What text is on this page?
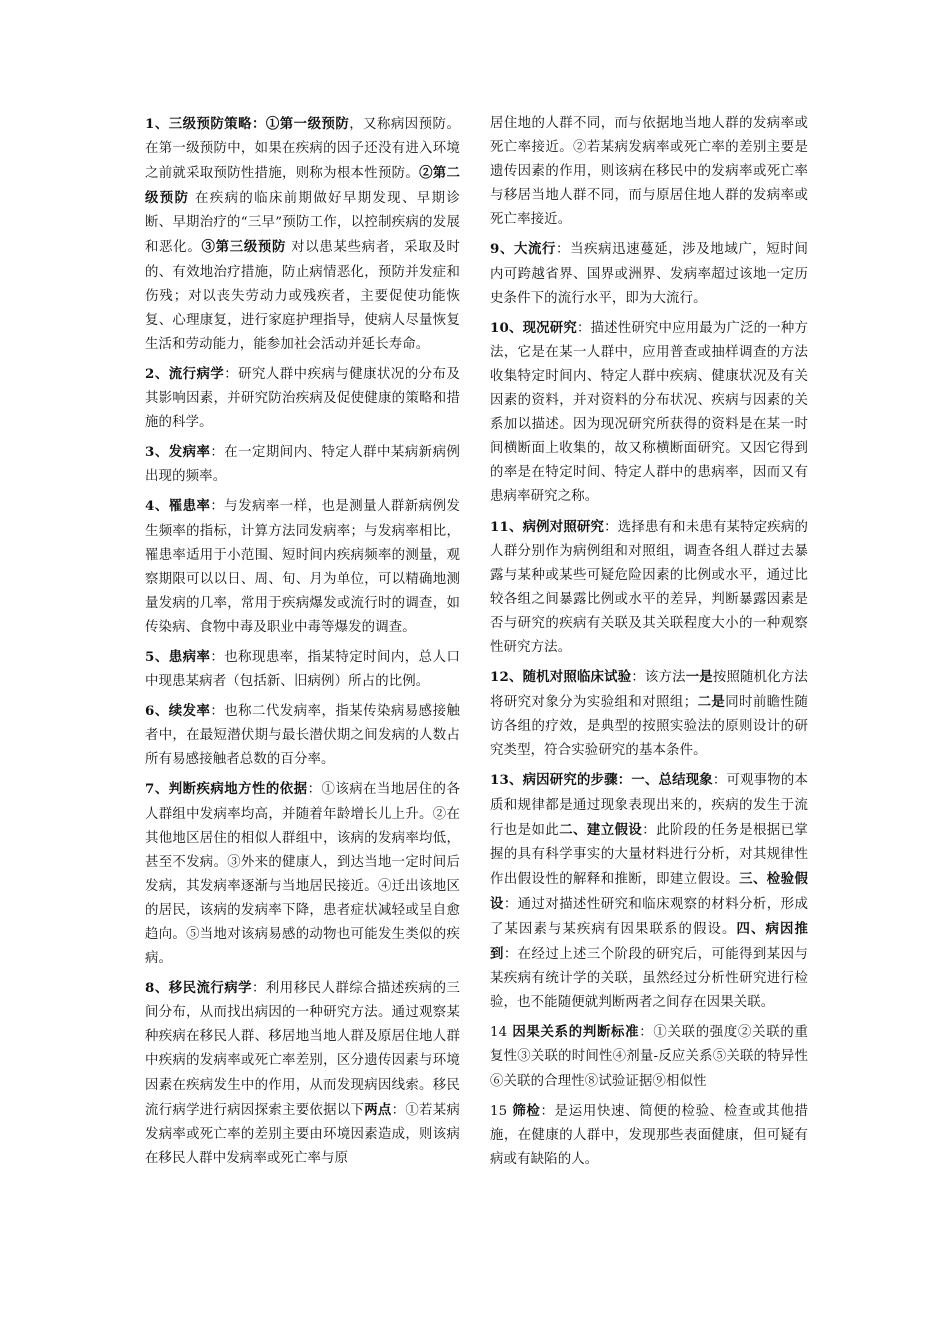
1、三级预防策略：①第一级预防，又称病因预防。在第一级预防中，如果在疾病的因子还没有进入环境之前就采取预防性措施，则称为根本性预防。②第二级预防 在疾病的临床前期做好早期发现、早期诊断、早期治疗的“三早”预防工作，以控制疾病的发展和恶化。③第三级预防 对以患某些病者，采取及时的、有效地治疗措施，防止病情恶化，预防并发症和伤残；对以丧失劳动力或残疾者，主要促使功能恢复、心理康复，进行家庭护理指导，使病人尽量恢复生活和劳动能力，能参加社会活动并延长寿命。
2、流行病学：研究人群中疾病与健康状况的分布及其影响因素，并研究防治疾病及促使健康的策略和措施的科学。
3、发病率：在一定期间内、特定人群中某病新病例出现的频率。
4、罹患率：与发病率一样，也是测量人群新病例发生频率的指标，计算方法同发病率；与发病率相比，罹患率适用于小范围、短时间内疾病频率的测量，观察期限可以以日、周、旬、月为单位，可以精确地测量发病的几率，常用于疾病爆发或流行时的调查，如传染病、食物中毒及职业中毒等爆发的调查。
5、患病率：也称现患率，指某特定时间内，总人口中现患某病者（包括新、旧病例）所占的比例。
6、续发率：也称二代发病率，指某传染病易感接触者中，在最短潜伏期与最长潜伏期之间发病的人数占所有易感接触者总数的百分率。
7、判断疾病地方性的依据：①该病在当地居住的各人群组中发病率均高，并随着年龄增长儿上升。②在其他地区居住的相似人群组中，该病的发病率均低，甚至不发病。③外来的健康人，到达当地一定时间后发病，其发病率逐渐与当地居民接近。④迁出该地区的居民，该病的发病率下降，患者症状减轻或呈自愈趋向。⑤当地对该病易感的动物也可能发生类似的疾病。
8、移民流行病学：利用移民人群综合描述疾病的三间分布，从而找出病因的一种研究方法。通过观察某种疾病在移民人群、移居地当地人群及原居住地人群中疾病的发病率或死亡率差别，区分遗传因素与环境因素在疾病发生中的作用，从而发现病因线索。移民流行病学进行病因探索主要依据以下两点：①若某病发病率或死亡率的差别主要由环境因素造成，则该病在移民人群中发病率或死亡率与原
居住地的人群不同，而与依据地当地人群的发病率或死亡率接近。②若某病发病率或死亡率的差别主要是遗传因素的作用，则该病在移民中的发病率或死亡率与移居当地人群不同，而与原居住地人群的发病率或死亡率接近。
9、大流行：当疾病迅速蔓延，涉及地域广，短时间内可跨越省界、国界或洲界、发病率超过该地一定历史条件下的流行水平，即为大流行。
10、现况研究：描述性研究中应用最为广泛的一种方法，它是在某一人群中，应用普查或抽样调查的方法收集特定时间内、特定人群中疾病、健康状况及有关因素的资料，并对资料的分布状况、疾病与因素的关系加以描述。因为现况研究所获得的资料是在某一时间横断面上收集的，故又称横断面研究。又因它得到的率是在特定时间、特定人群中的患病率，因而又有患病率研究之称。
11、病例对照研究：选择患有和未患有某特定疾病的人群分别作为病例组和对照组，调查各组人群过去暴露与某种或某些可疑危险因素的比例或水平，通过比较各组之间暴露比例或水平的差异，判断暴露因素是否与研究的疾病有关联及其关联程度大小的一种观察性研究方法。
12、随机对照临床试验：该方法一是按照随机化方法将研究对象分为实验组和对照组；二是同时前瞻性随访各组的疗效，是典型的按照实验法的原则设计的研究类型，符合实验研究的基本条件。
13、病因研究的步骤：一、总结现象：可观事物的本质和规律都是通过现象表现出来的，疾病的发生于流行也是如此二、建立假设：此阶段的任务是根据已掌握的具有科学事实的大量材料进行分析，对其规律性作出假设性的解释和推断，即建立假设。三、检验假设：通过对描述性研究和临床观察的材料分析，形成了某因素与某疾病有因果联系的假设。四、病因推到：在经过上述三个阶段的研究后，可能得到某因与某疾病有统计学的关联，虽然经过分析性研究进行检验，也不能随便就判断两者之间存在因果关联。
14 因果关系的判断标准：①关联的强度②关联的重复性③关联的时间性④剂量-反应关系⑤关联的特异性⑥关联的合理性⑧试验证据⑨相似性
15 筛检：是运用快速、简便的检验、检查或其他措施，在健康的人群中，发现那些表面健康，但可疑有病或有缺陷的人。
